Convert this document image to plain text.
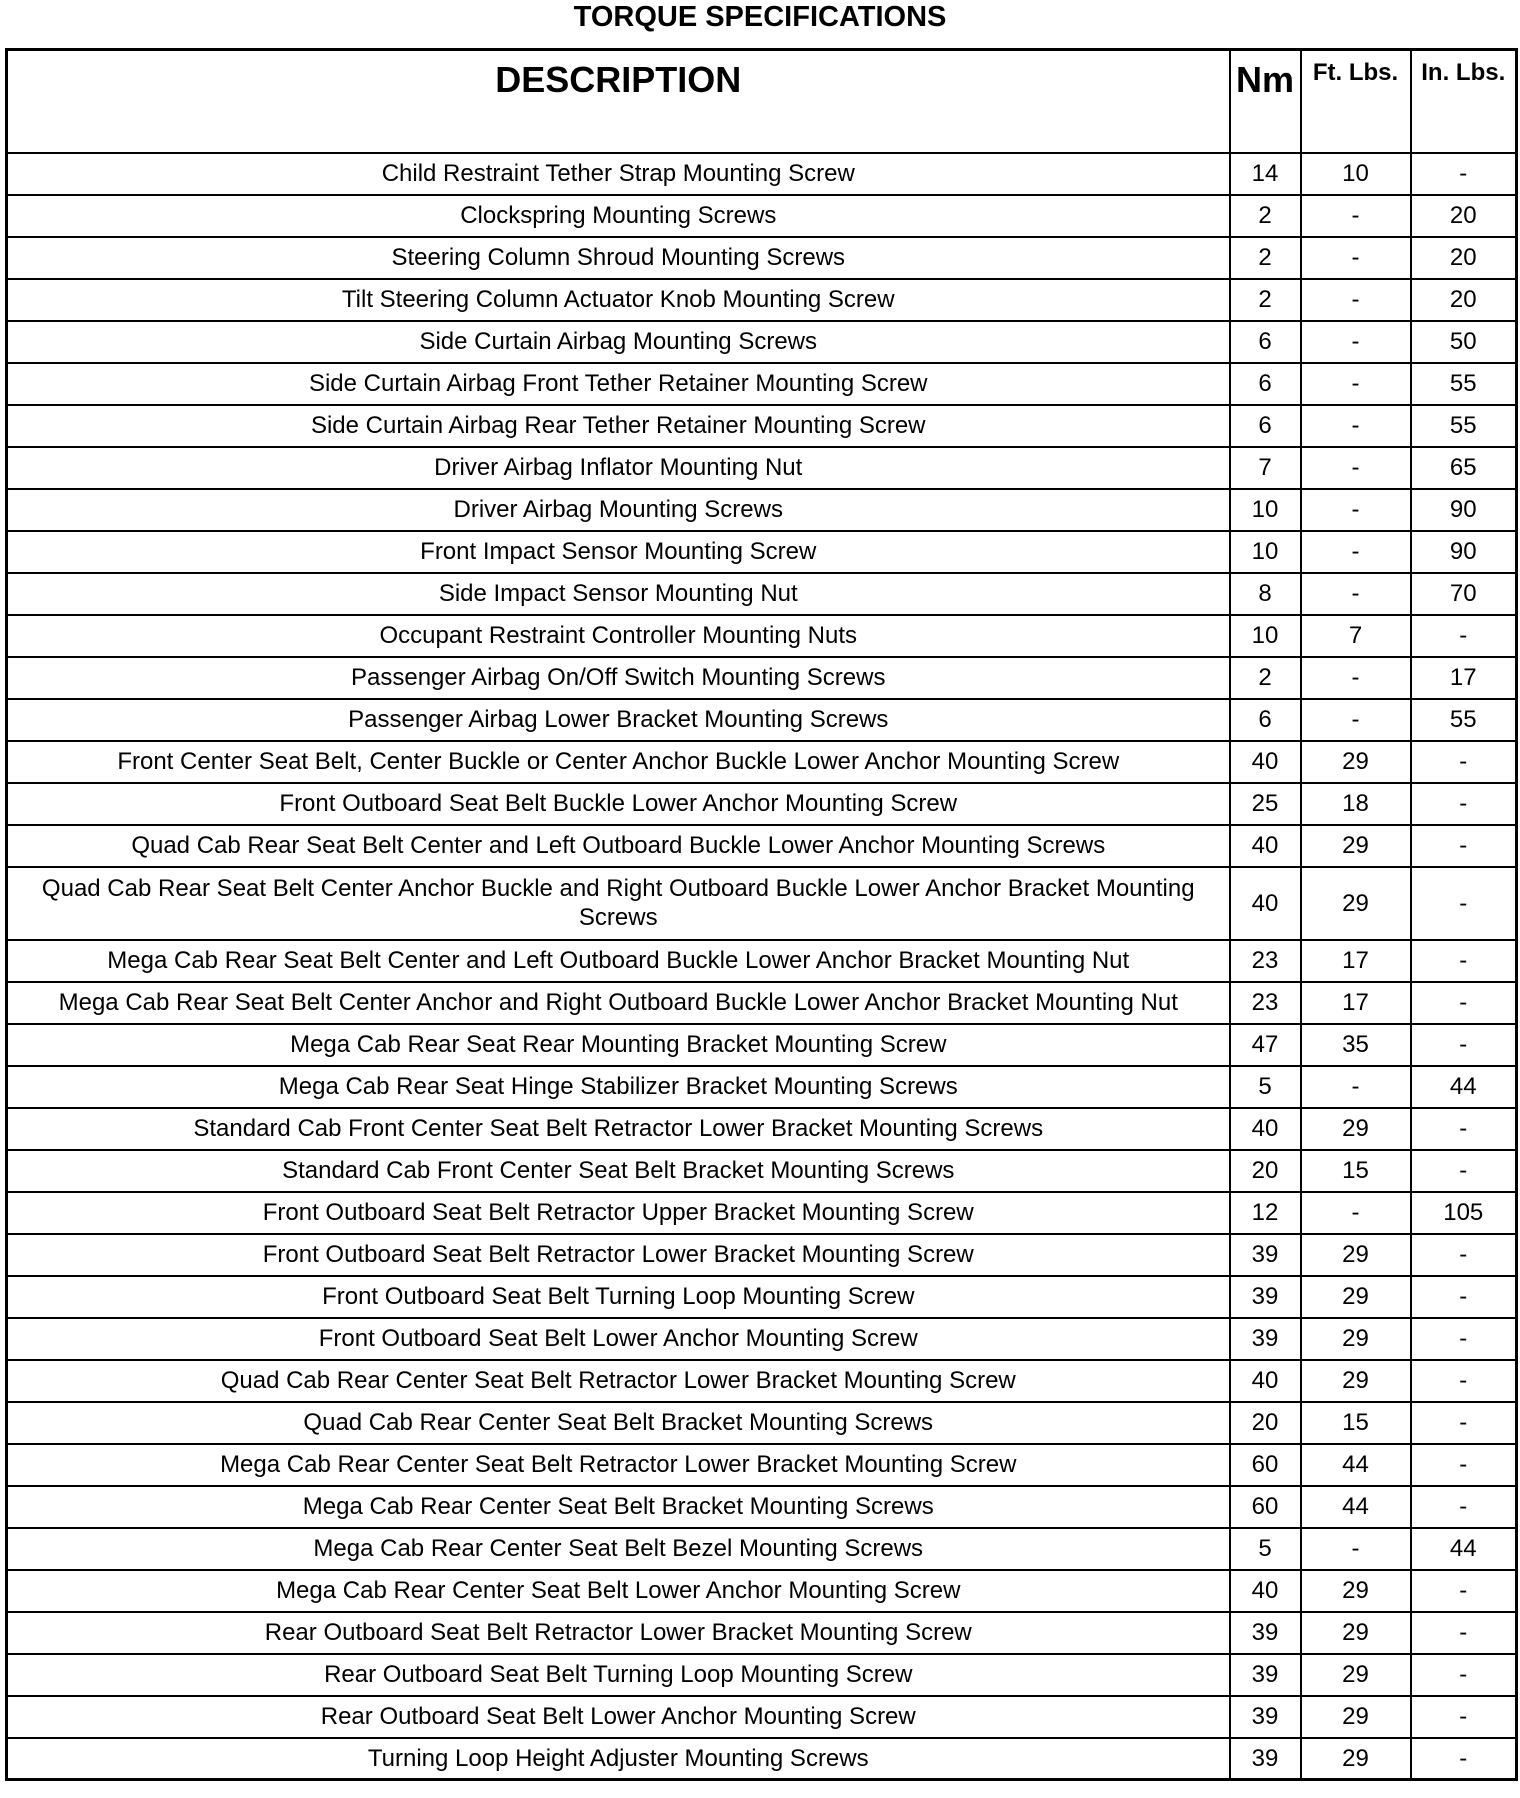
TORQUE SPECIFICATIONS
DESCRIPTION	Nm	Ft. Lbs.	In. Lbs.
Child Restraint Tether Strap Mounting Screw	14	10	-
Clockspring Mounting Screws	2	-	20
Steering Column Shroud Mounting Screws	2	-	20
Tilt Steering Column Actuator Knob Mounting Screw	2	-	20
Side Curtain Airbag Mounting Screws	6	-	50
Side Curtain Airbag Front Tether Retainer Mounting Screw	6	-	55
Side Curtain Airbag Rear Tether Retainer Mounting Screw	6	-	55
Driver Airbag Inflator Mounting Nut	7	-	65
Driver Airbag Mounting Screws	10	-	90
Front Impact Sensor Mounting Screw	10	-	90
Side Impact Sensor Mounting Nut	8	-	70
Occupant Restraint Controller Mounting Nuts	10	7	-
Passenger Airbag On/Off Switch Mounting Screws	2	-	17
Passenger Airbag Lower Bracket Mounting Screws	6	-	55
Front Center Seat Belt, Center Buckle or Center Anchor Buckle Lower Anchor Mounting Screw	40	29	-
Front Outboard Seat Belt Buckle Lower Anchor Mounting Screw	25	18	-
Quad Cab Rear Seat Belt Center and Left Outboard Buckle Lower Anchor Mounting Screws	40	29	-
Quad Cab Rear Seat Belt Center Anchor Buckle and Right Outboard Buckle Lower Anchor Bracket Mounting Screws	40	29	-
Mega Cab Rear Seat Belt Center and Left Outboard Buckle Lower Anchor Bracket Mounting Nut	23	17	-
Mega Cab Rear Seat Belt Center Anchor and Right Outboard Buckle Lower Anchor Bracket Mounting Nut	23	17	-
Mega Cab Rear Seat Rear Mounting Bracket Mounting Screw	47	35	-
Mega Cab Rear Seat Hinge Stabilizer Bracket Mounting Screws	5	-	44
Standard Cab Front Center Seat Belt Retractor Lower Bracket Mounting Screws	40	29	-
Standard Cab Front Center Seat Belt Bracket Mounting Screws	20	15	-
Front Outboard Seat Belt Retractor Upper Bracket Mounting Screw	12	-	105
Front Outboard Seat Belt Retractor Lower Bracket Mounting Screw	39	29	-
Front Outboard Seat Belt Turning Loop Mounting Screw	39	29	-
Front Outboard Seat Belt Lower Anchor Mounting Screw	39	29	-
Quad Cab Rear Center Seat Belt Retractor Lower Bracket Mounting Screw	40	29	-
Quad Cab Rear Center Seat Belt Bracket Mounting Screws	20	15	-
Mega Cab Rear Center Seat Belt Retractor Lower Bracket Mounting Screw	60	44	-
Mega Cab Rear Center Seat Belt Bracket Mounting Screws	60	44	-
Mega Cab Rear Center Seat Belt Bezel Mounting Screws	5	-	44
Mega Cab Rear Center Seat Belt Lower Anchor Mounting Screw	40	29	-
Rear Outboard Seat Belt Retractor Lower Bracket Mounting Screw	39	29	-
Rear Outboard Seat Belt Turning Loop Mounting Screw	39	29	-
Rear Outboard Seat Belt Lower Anchor Mounting Screw	39	29	-
Turning Loop Height Adjuster Mounting Screws	39	29	-
